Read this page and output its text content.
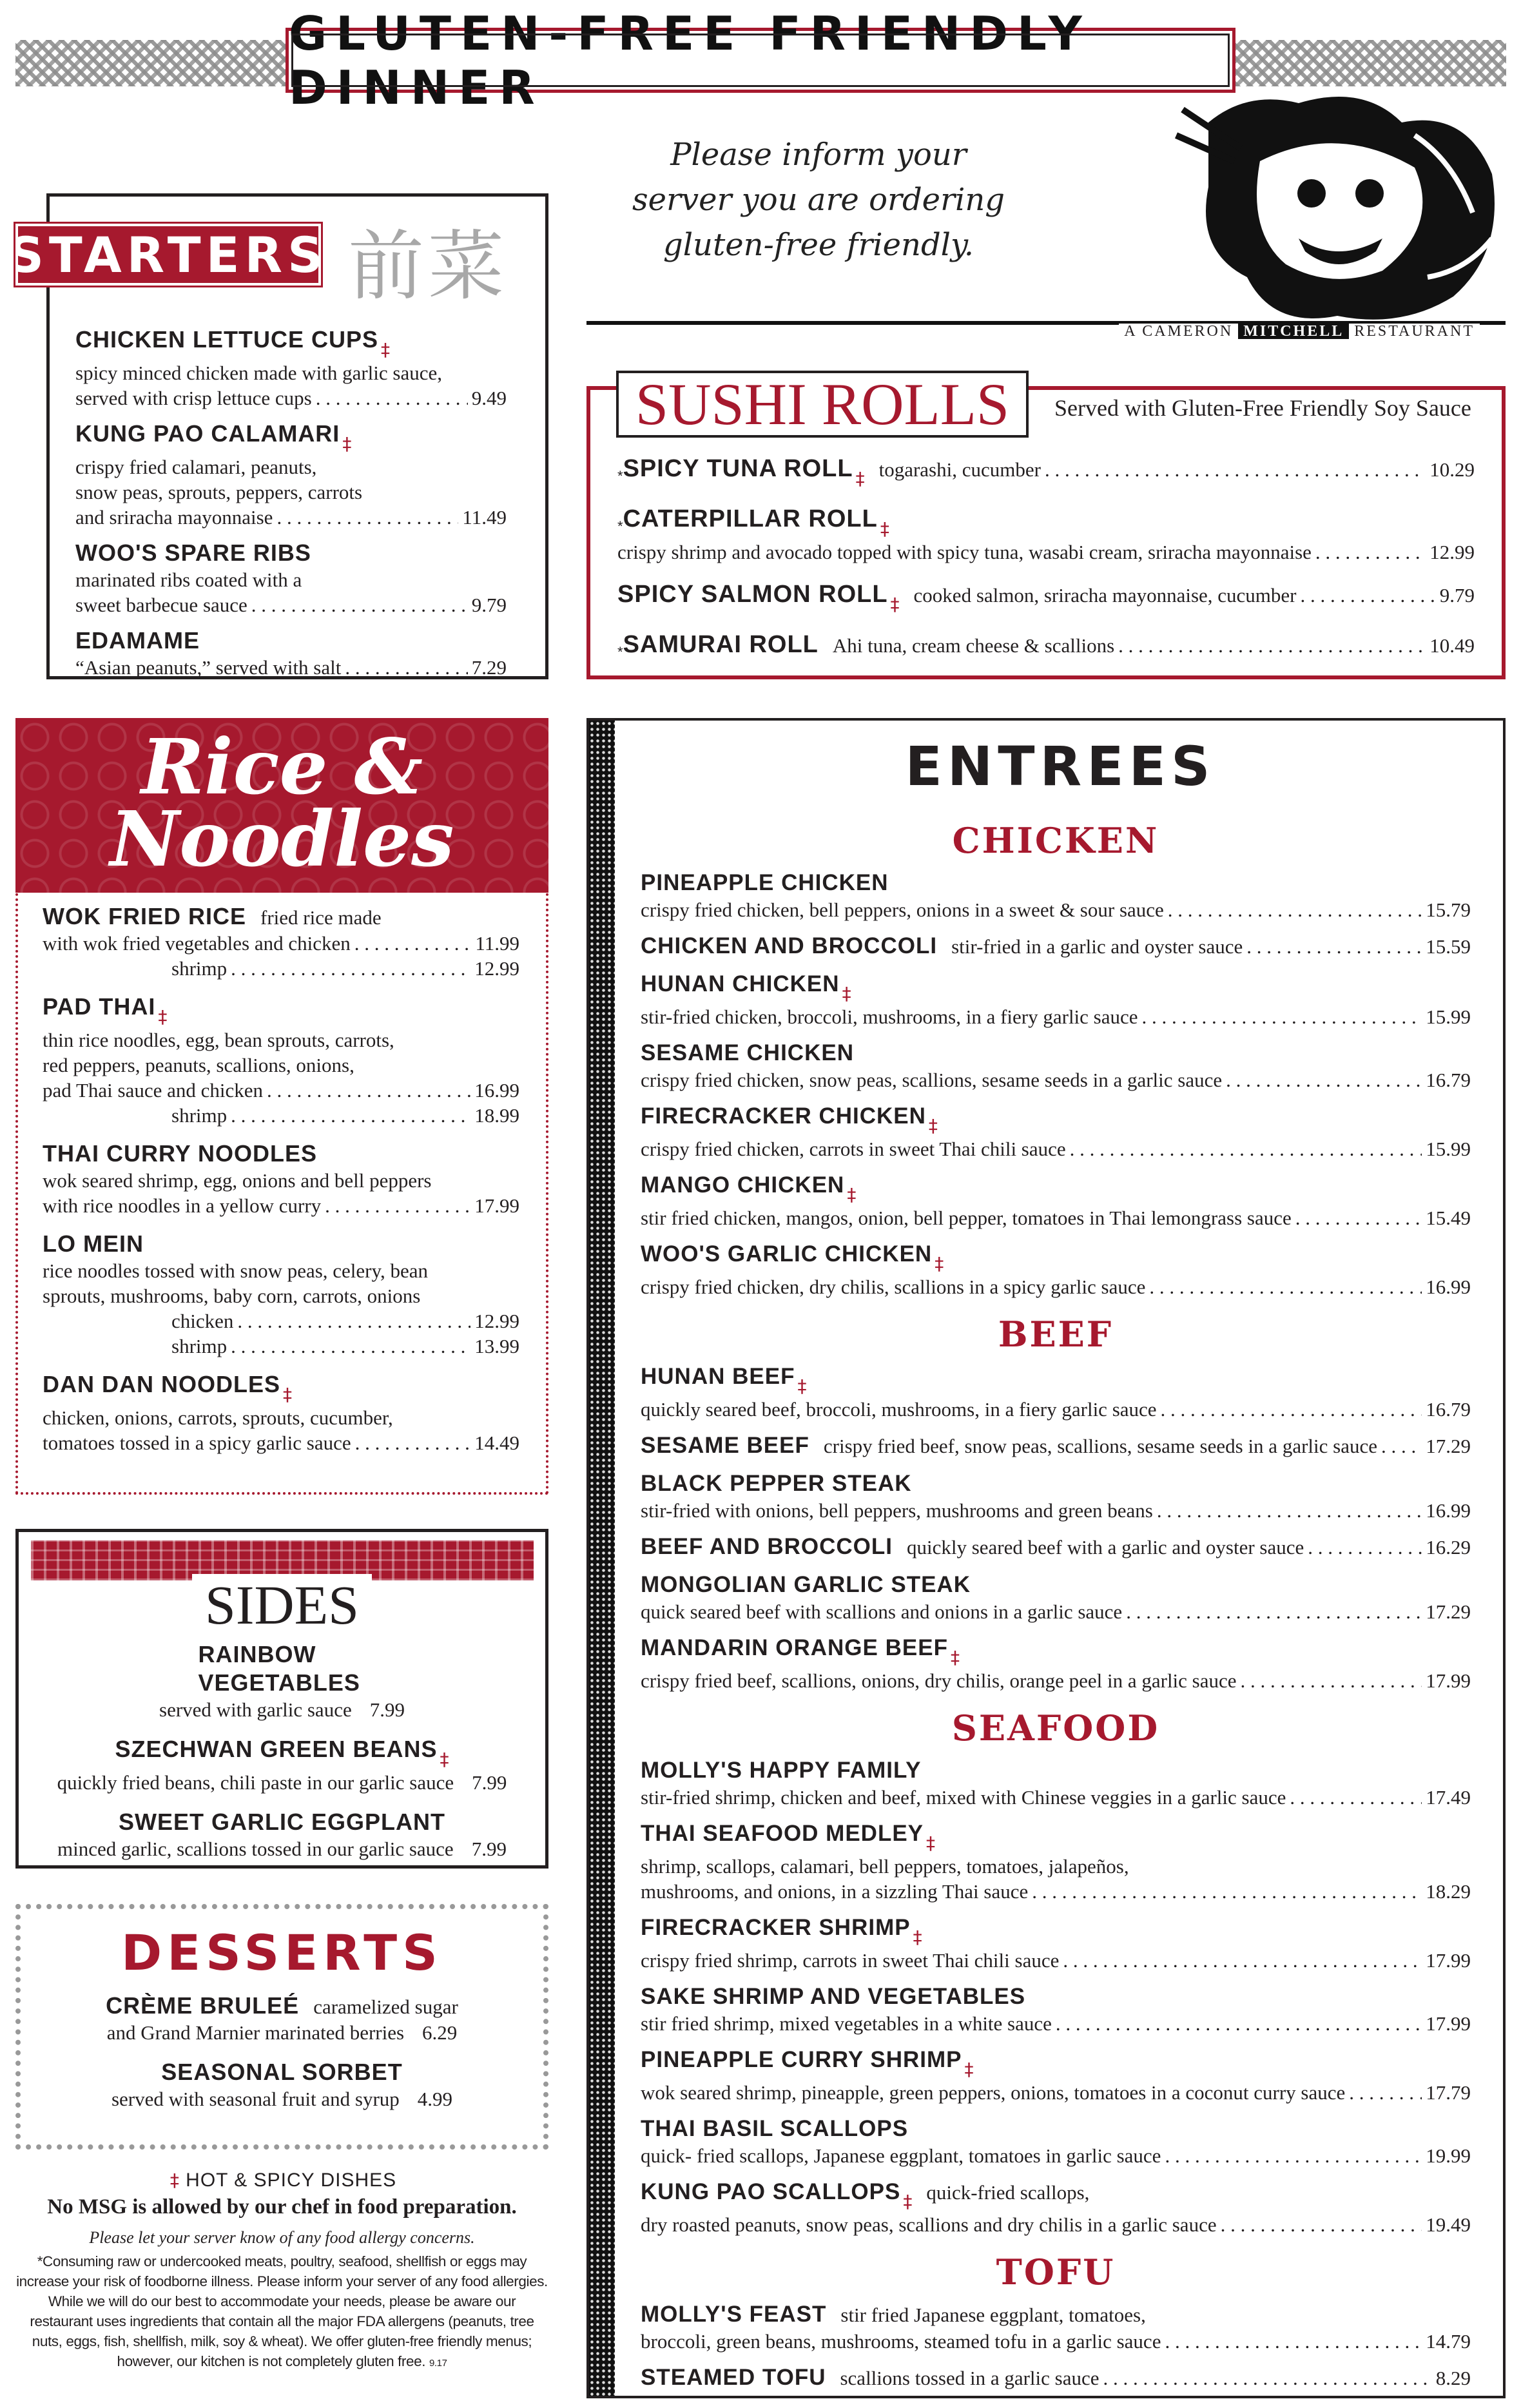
GLUTEN-FREE FRIENDLY DINNER
Please inform your
server you are ordering
gluten-free friendly.
A CAMERON MITCHELL RESTAURANT
CHICKEN LETTUCE CUPS
‡
spicy minced chicken made with garlic sauce,
served with crisp lettuce cups . . .	9.49
KUNG PAO CALAMARI
‡
crispy fried calamari, peanuts,
snow peas, sprouts, peppers, carrots
and sriracha mayonnaise . . .	11.49
WOO'S SPARE RIBS
marinated ribs coated with a
sweet barbecue sauce . . .	9.79
EDAMAME
“Asian peanuts,” served with salt . . .	7.29
STARTERS 前菜
*
SPICY TUNA ROLL ‡ togarashi, cucumber . . .	10.29
*
CATERPILLAR ROLL
‡
crispy shrimp and avocado topped with spicy tuna, wasabi cream, sriracha mayonnaise . . .	12.99
SPICY SALMON ROLL ‡ cooked salmon, sriracha mayonnaise, cucumber . . .	9.79
*
SAMURAI ROLL Ahi tuna, cream cheese & scallions . . .	10.49
SUSHI ROLLS	Served with Gluten-Free Friendly Soy Sauce
Rice &
Noodles
WOK FRIED RICE fried rice made
with wok fried vegetables and chicken . . .	11.99
shrimp . . .	12.99
PAD THAI
‡
thin rice noodles, egg, bean sprouts, carrots,
red peppers, peanuts, scallions, onions,
pad Thai sauce and chicken . . .	16.99
shrimp . . .	18.99
THAI CURRY NOODLES
wok seared shrimp, egg, onions and bell peppers
with rice noodles in a yellow curry . . .	17.99
LO MEIN
rice noodles tossed with snow peas, celery, bean
sprouts, mushrooms, baby corn, carrots, onions
chicken . . .	12.99
shrimp . . .	13.99
DAN DAN NOODLES
‡
chicken, onions, carrots, sprouts, cucumber,
tomatoes tossed in a spicy garlic sauce . . .	14.49
SIDES
RAINBOW VEGETABLES
served with garlic sauce 7.99
SZECHWAN GREEN BEANS
‡
quickly fried beans, chili paste in our garlic sauce 7.99
SWEET GARLIC EGGPLANT
minced garlic, scallions tossed in our garlic sauce 7.99
DESSERTS
CRÈME BRULEÉ caramelized sugar
and Grand Marnier marinated berries 6.29
SEASONAL SORBET
served with seasonal fruit and syrup 4.99
‡ HOT & SPICY DISHES
No MSG is allowed by our chef in food preparation.
Please let your server know of any food allergy concerns.
*Consuming raw or undercooked meats, poultry, seafood, shellfish or eggs may increase your risk of foodborne illness. Please inform your server of any food allergies. While we will do our best to accommodate your needs, please be aware our restaurant uses ingredients that contain all the major FDA allergens (peanuts, tree nuts, eggs, fish, shellfish, milk, soy & wheat). We offer gluten-free friendly menus; however, our kitchen is not completely gluten free. 9.17
ENTREES
CHICKEN
PINEAPPLE CHICKEN
crispy fried chicken, bell peppers, onions in a sweet & sour sauce . . .	15.79
CHICKEN AND BROCCOLI stir-fried in a garlic and oyster sauce . . .	15.59
HUNAN CHICKEN
‡
stir-fried chicken, broccoli, mushrooms, in a fiery garlic sauce . . .	15.99
SESAME CHICKEN
crispy fried chicken, snow peas, scallions, sesame seeds in a garlic sauce . . .	16.79
FIRECRACKER CHICKEN
‡
crispy fried chicken, carrots in sweet Thai chili sauce . . .	15.99
MANGO CHICKEN
‡
stir fried chicken, mangos, onion, bell pepper, tomatoes in Thai lemongrass sauce . . .	15.49
WOO'S GARLIC CHICKEN
‡
crispy fried chicken, dry chilis, scallions in a spicy garlic sauce . . .	16.99
BEEF
HUNAN BEEF
‡
quickly seared beef, broccoli, mushrooms, in a fiery garlic sauce . . .	16.79
SESAME BEEF crispy fried beef, snow peas, scallions, sesame seeds in a garlic sauce . . . 17.29
BLACK PEPPER STEAK
stir-fried with onions, bell peppers, mushrooms and green beans . . .	16.99
BEEF AND BROCCOLI quickly seared beef with a garlic and oyster sauce . . .	16.29
MONGOLIAN GARLIC STEAK
quick seared beef with scallions and onions in a garlic sauce . . .	17.29
MANDARIN ORANGE BEEF
‡
crispy fried beef, scallions, onions, dry chilis, orange peel in a garlic sauce . . .	17.99
SEAFOOD
MOLLY'S HAPPY FAMILY
stir-fried shrimp, chicken and beef, mixed with Chinese veggies in a garlic sauce . . .	17.49
THAI SEAFOOD MEDLEY
‡
shrimp, scallops, calamari, bell peppers, tomatoes, jalapeños,
mushrooms, and onions, in a sizzling Thai sauce . . .	18.29
FIRECRACKER SHRIMP
‡
crispy fried shrimp, carrots in sweet Thai chili sauce . . .	17.99
SAKE SHRIMP AND VEGETABLES
stir fried shrimp, mixed vegetables in a white sauce . . .	17.99
PINEAPPLE CURRY SHRIMP
‡
wok seared shrimp, pineapple, green peppers, onions, tomatoes in a coconut curry sauce . . .	17.79
THAI BASIL SCALLOPS
quick- fried scallops, Japanese eggplant, tomatoes in garlic sauce . . .	19.99
KUNG PAO SCALLOPS ‡ quick-fried scallops,
dry roasted peanuts, snow peas, scallions and dry chilis in a garlic sauce . . .	19.49
TOFU
MOLLY'S FEAST stir fried Japanese eggplant, tomatoes,
broccoli, green beans, mushrooms, steamed tofu in a garlic sauce . . .	14.79
STEAMED TOFU scallions tossed in a garlic sauce . . .	8.29
